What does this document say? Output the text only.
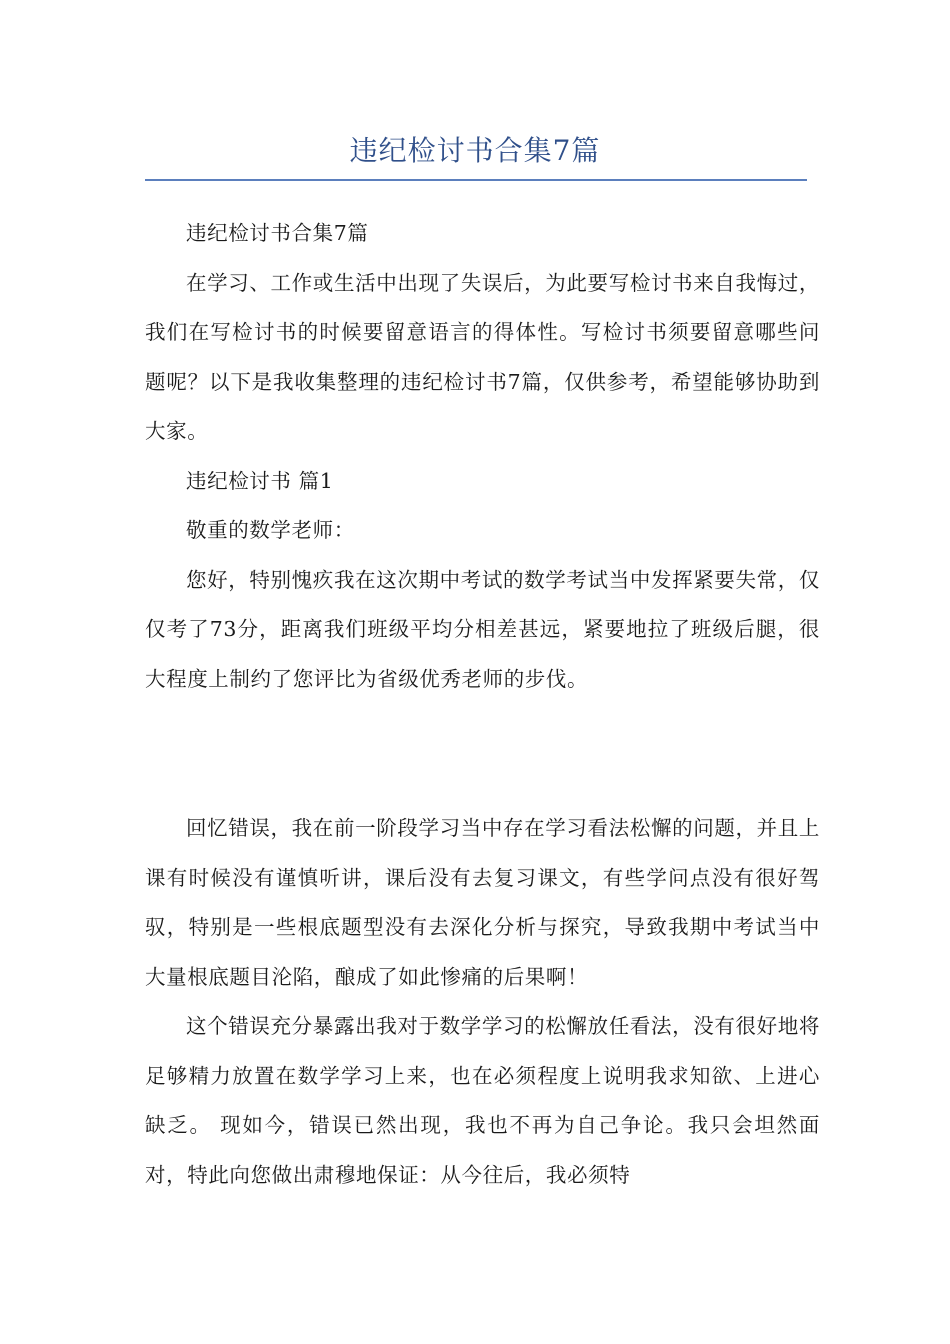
违纪检讨书合集7篇

违纪检讨书合集7篇

在学习、工作或生活中出现了失误后，为此要写检讨书来自我悔过，我们在写检讨书的时候要留意语言的得体性。写检讨书须要留意哪些问题呢？以下是我收集整理的违纪检讨书7篇，仅供参考，希望能够协助到大家。

违纪检讨书 篇1

敬重的数学老师：

您好，特别愧疚我在这次期中考试的数学考试当中发挥紧要失常，仅仅考了73分，距离我们班级平均分相差甚远，紧要地拉了班级后腿，很大程度上制约了您评比为省级优秀老师的步伐。

回忆错误，我在前一阶段学习当中存在学习看法松懈的问题，并且上课有时候没有谨慎听讲，课后没有去复习课文，有些学问点没有很好驾驭，特别是一些根底题型没有去深化分析与探究，导致我期中考试当中大量根底题目沦陷，酿成了如此惨痛的后果啊！

这个错误充分暴露出我对于数学学习的松懈放任看法，没有很好地将足够精力放置在数学学习上来，也在必须程度上说明我求知欲、上进心缺乏。 现如今，错误已然出现，我也不再为自己争论。我只会坦然面对，特此向您做出肃穆地保证：从今往后，我必须特
